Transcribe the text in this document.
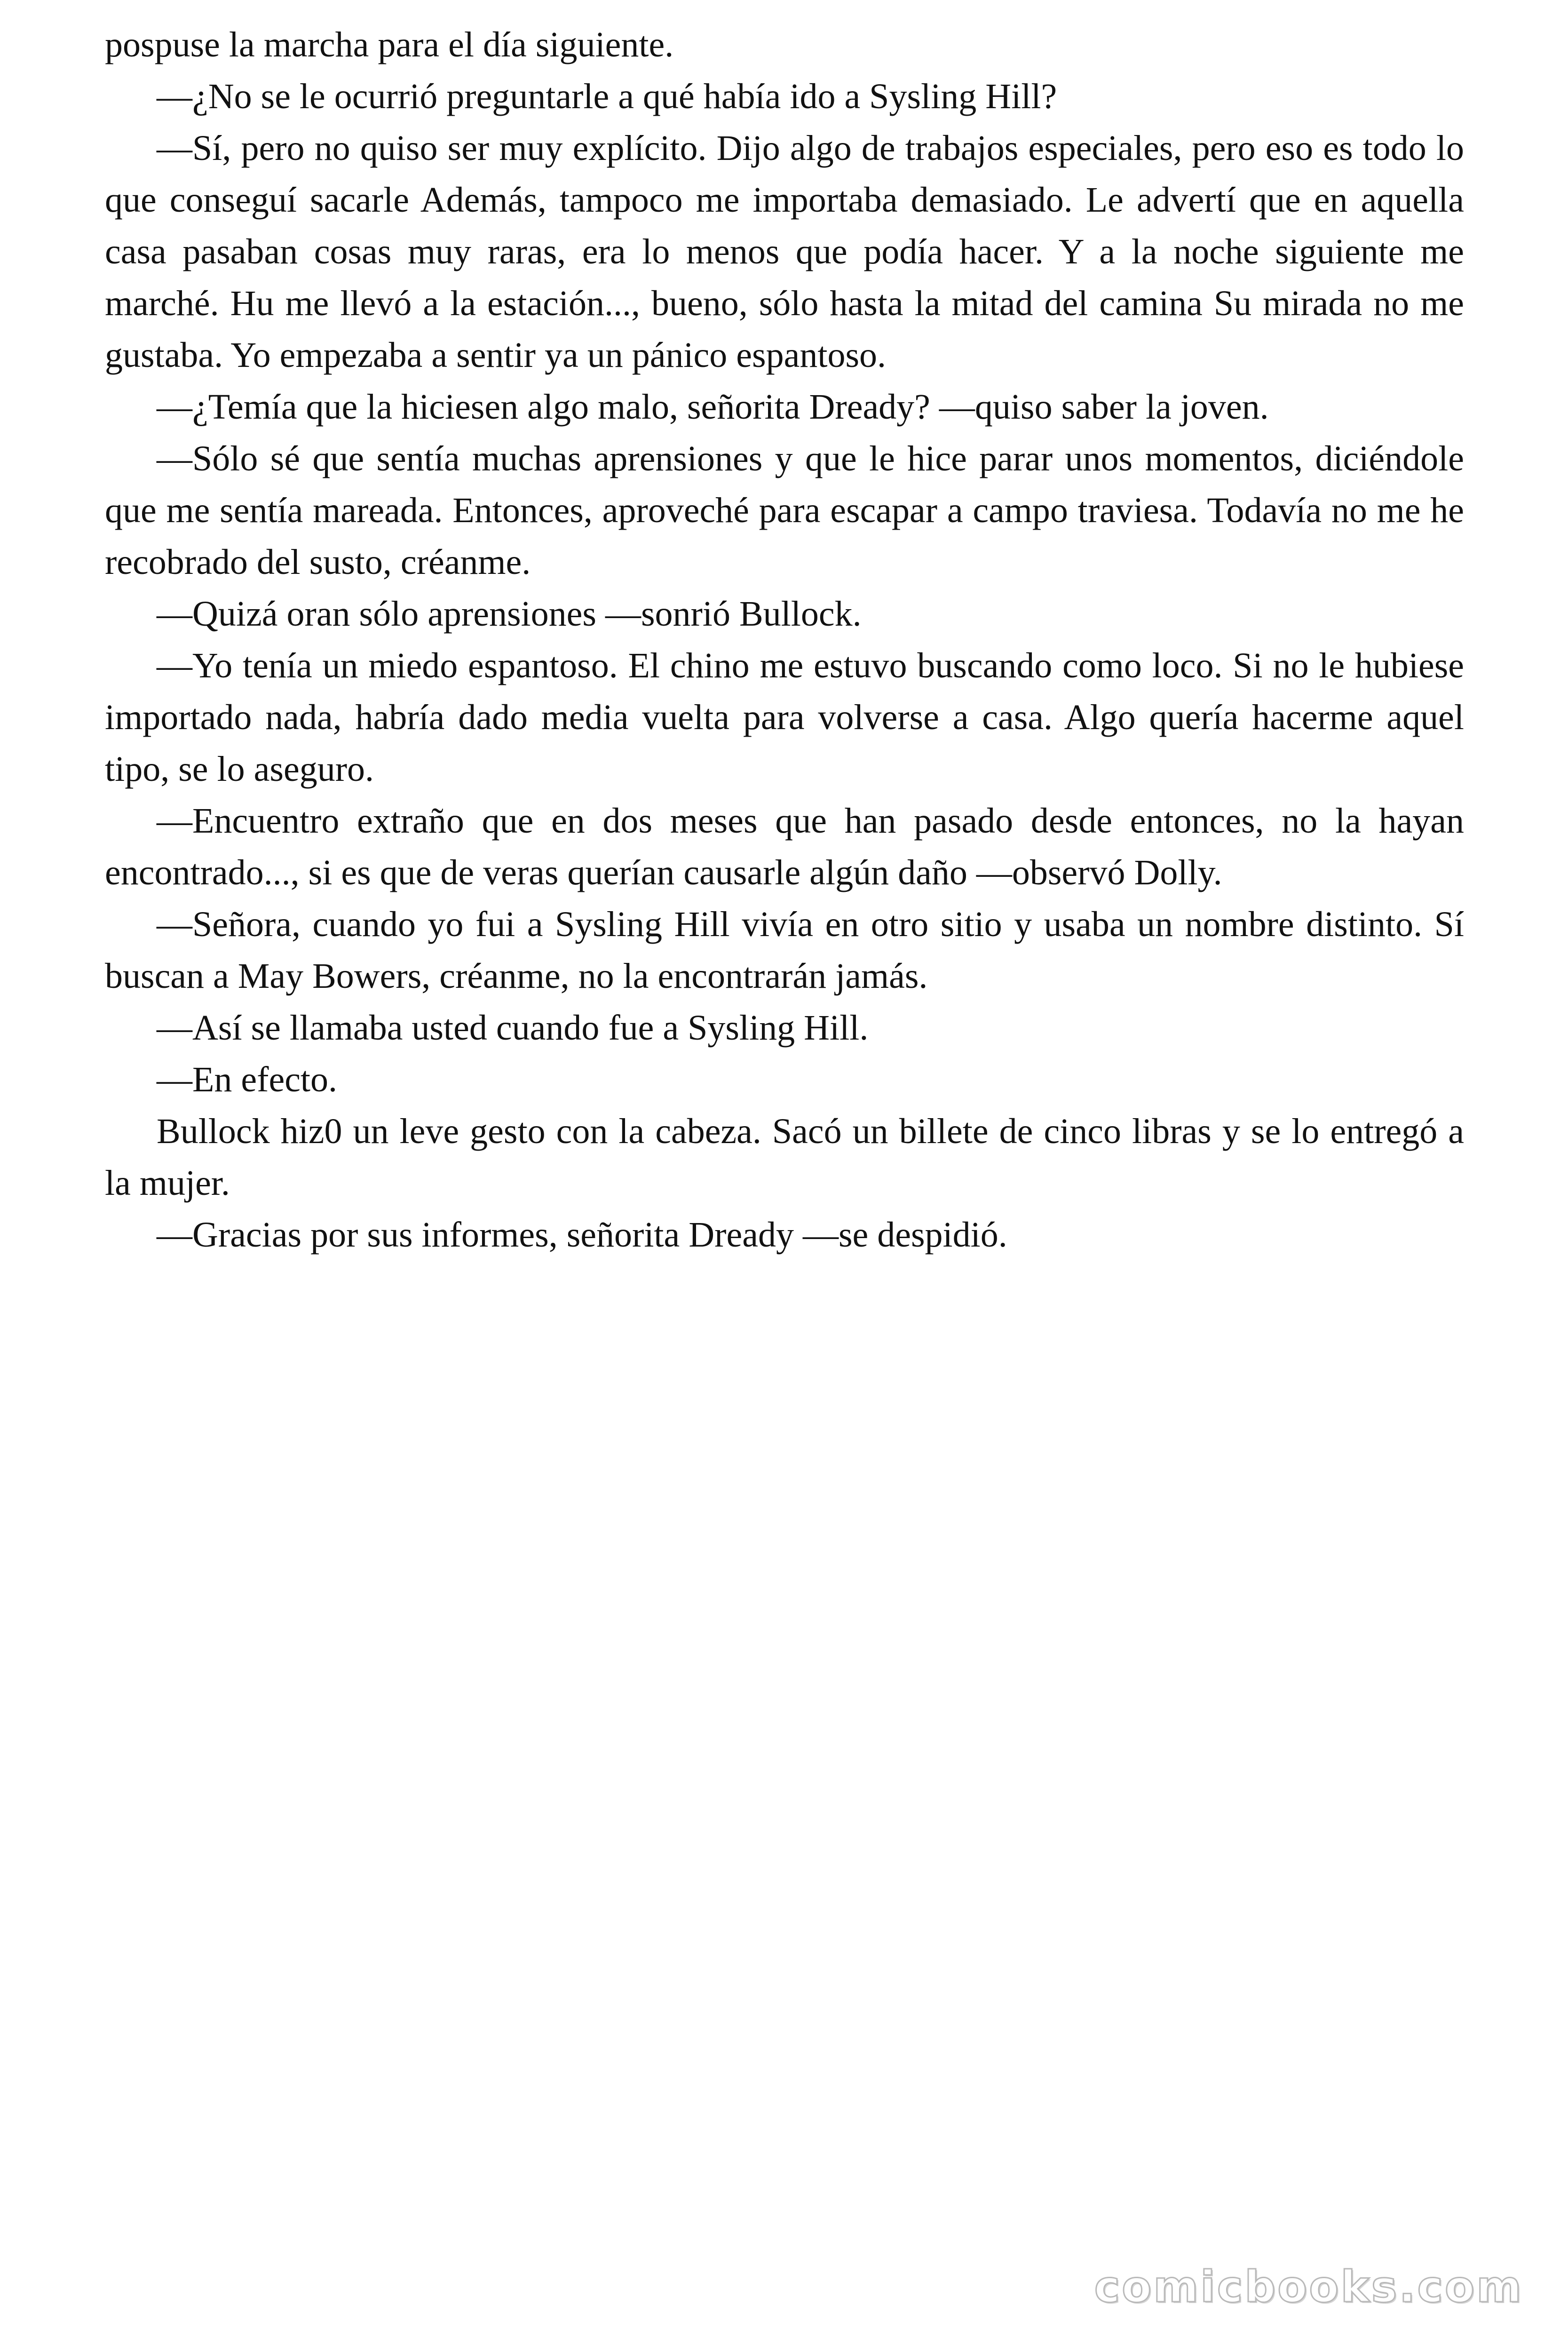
pospuse la marcha para el día siguiente.

—¿No se le ocurrió preguntarle a qué había ido a Sysling Hill?

—Sí, pero no quiso ser muy explícito. Dijo algo de trabajos especiales, pero eso es todo lo que conseguí sacarle Además, tampoco me importaba demasiado. Le advertí que en aquella casa pasaban cosas muy raras, era lo menos que podía hacer. Y a la noche siguiente me marché. Hu me llevó a la estación..., bueno, sólo hasta la mitad del camina Su mirada no me gustaba. Yo empezaba a sentir ya un pánico espantoso.

—¿Temía que la hiciesen algo malo, señorita Dready? —quiso saber la joven.

—Sólo sé que sentía muchas aprensiones y que le hice parar unos momentos, diciéndole que me sentía mareada. Entonces, aproveché para escapar a campo traviesa. Todavía no me he recobrado del susto, créanme.

—Quizá oran sólo aprensiones —sonrió Bullock.

—Yo tenía un miedo espantoso. El chino me estuvo buscando como loco. Si no le hubiese importado nada, habría dado media vuelta para volverse a casa. Algo quería hacerme aquel tipo, se lo aseguro.

—Encuentro extraño que en dos meses que han pasado desde entonces, no la hayan encontrado..., si es que de veras querían causarle algún daño —observó Dolly.

—Señora, cuando yo fui a Sysling Hill vivía en otro sitio y usaba un nombre distinto. Sí buscan a May Bowers, créanme, no la encontrarán jamás.

—Así se llamaba usted cuando fue a Sysling Hill.

—En efecto.

Bullock hiz0 un leve gesto con la cabeza. Sacó un billete de cinco libras y se lo entregó a la mujer.

—Gracias por sus informes, señorita Dready —se despidió.

comicbooks.com
